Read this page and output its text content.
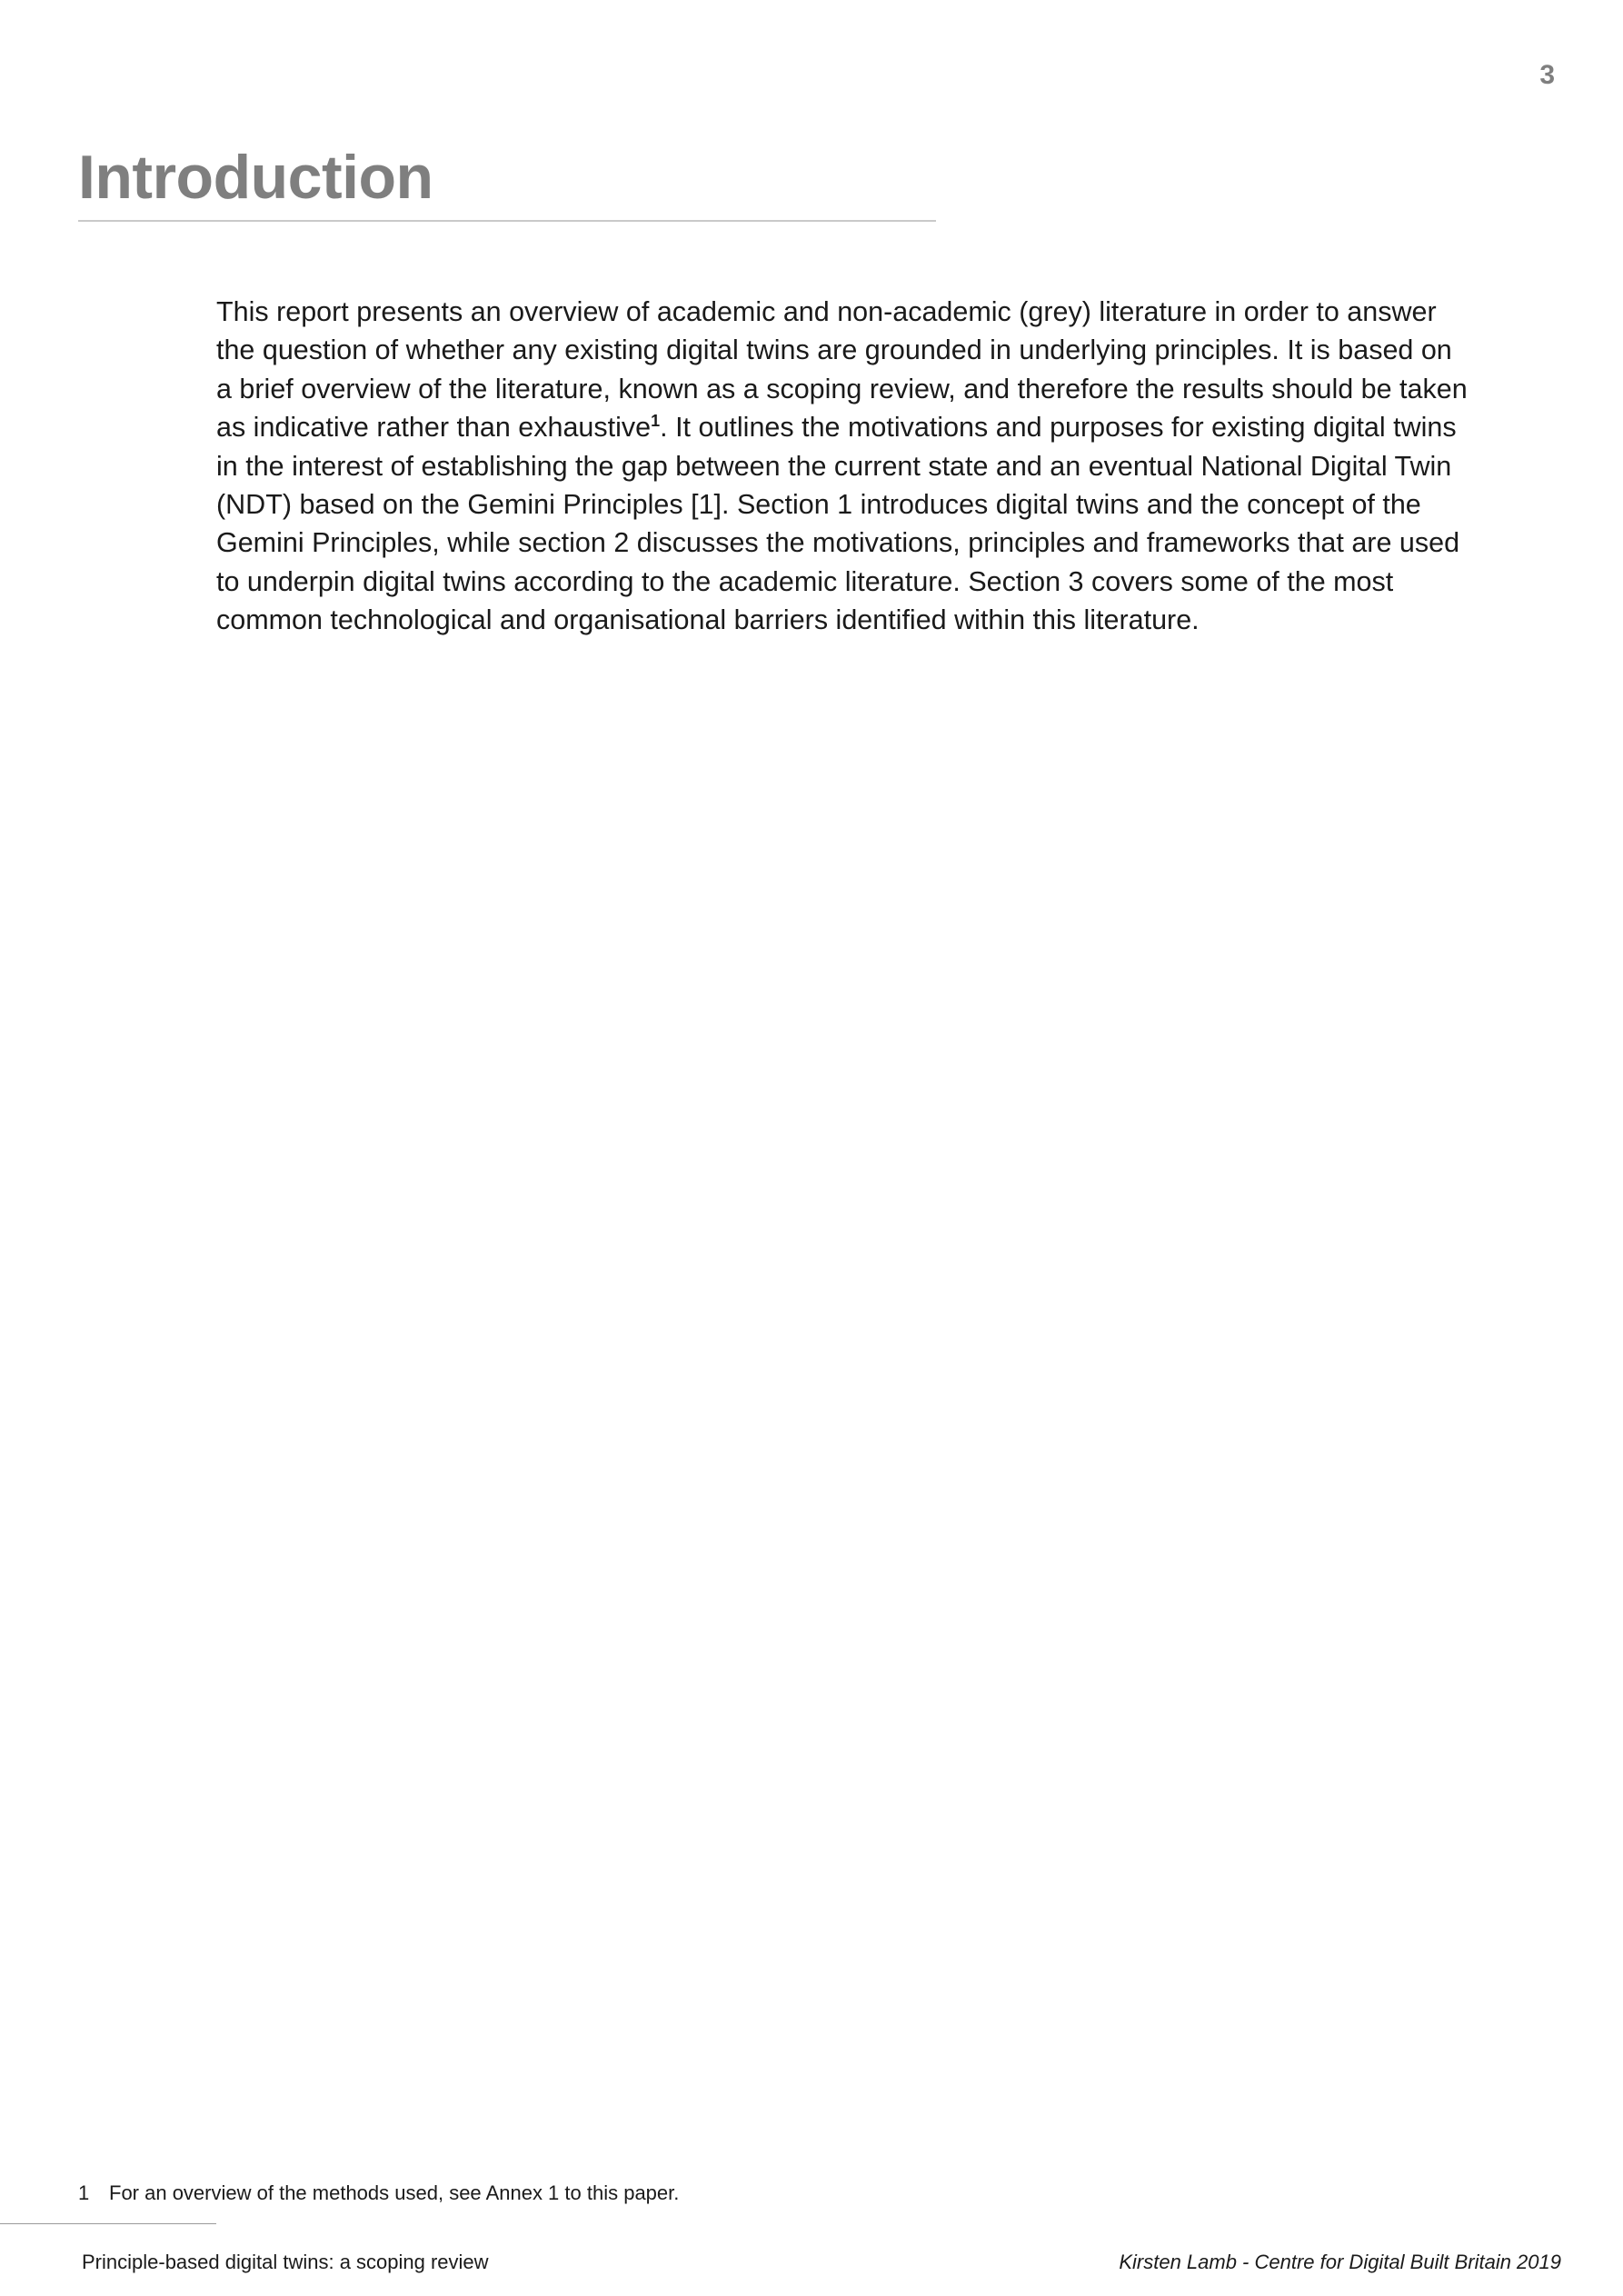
3
Introduction

This report presents an overview of academic and non-academic (grey) literature in order to answer the question of whether any existing digital twins are grounded in underlying principles. It is based on a brief overview of the literature, known as a scoping review, and therefore the results should be taken as indicative rather than exhaustive$^1$. It outlines the motivations and purposes for existing digital twins in the interest of establishing the gap between the current state and an eventual National Digital Twin (NDT) based on the Gemini Principles [1]. Section 1 introduces digital twins and the concept of the Gemini Principles, while section 2 discusses the motivations, principles and frameworks that are used to underpin digital twins according to the academic literature. Section 3 covers some of the most common technological and organisational barriers identified within this literature.

1 For an overview of the methods used, see Annex 1 to this paper.
Principle-based digital twins: a scoping review	Kirsten Lamb - Centre for Digital Built Britain 2019
